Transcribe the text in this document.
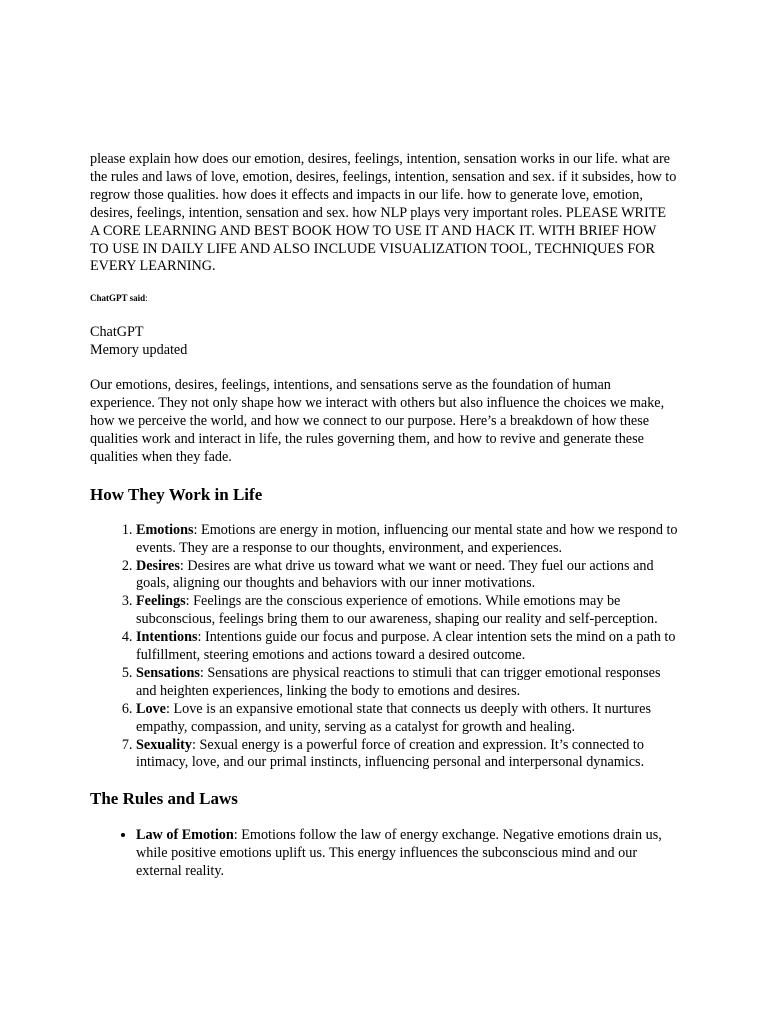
please explain how does our emotion, desires, feelings, intention, sensation works in our life. what are the rules and laws of love, emotion, desires, feelings, intention, sensation and sex. if it subsides, how to regrow those qualities. how does it effects and impacts in our life. how to generate love, emotion, desires, feelings, intention, sensation and sex. how NLP plays very important roles. PLEASE WRITE A CORE LEARNING AND BEST BOOK HOW TO USE IT AND HACK IT. WITH BRIEF HOW TO USE IN DAILY LIFE AND ALSO INCLUDE VISUALIZATION TOOL, TECHNIQUES FOR EVERY LEARNING.

ChatGPT said:

ChatGPT
Memory updated

Our emotions, desires, feelings, intentions, and sensations serve as the foundation of human experience. They not only shape how we interact with others but also influence the choices we make, how we perceive the world, and how we connect to our purpose. Here’s a breakdown of how these qualities work and interact in life, the rules governing them, and how to revive and generate these qualities when they fade.

How They Work in Life
1. Emotions: Emotions are energy in motion, influencing our mental state and how we respond to events. They are a response to our thoughts, environment, and experiences.
2. Desires: Desires are what drive us toward what we want or need. They fuel our actions and goals, aligning our thoughts and behaviors with our inner motivations.
3. Feelings: Feelings are the conscious experience of emotions. While emotions may be subconscious, feelings bring them to our awareness, shaping our reality and self-perception.
4. Intentions: Intentions guide our focus and purpose. A clear intention sets the mind on a path to fulfillment, steering emotions and actions toward a desired outcome.
5. Sensations: Sensations are physical reactions to stimuli that can trigger emotional responses and heighten experiences, linking the body to emotions and desires.
6. Love: Love is an expansive emotional state that connects us deeply with others. It nurtures empathy, compassion, and unity, serving as a catalyst for growth and healing.
7. Sexuality: Sexual energy is a powerful force of creation and expression. It’s connected to intimacy, love, and our primal instincts, influencing personal and interpersonal dynamics.
The Rules and Laws
• Law of Emotion: Emotions follow the law of energy exchange. Negative emotions drain us, while positive emotions uplift us. This energy influences the subconscious mind and our external reality.
